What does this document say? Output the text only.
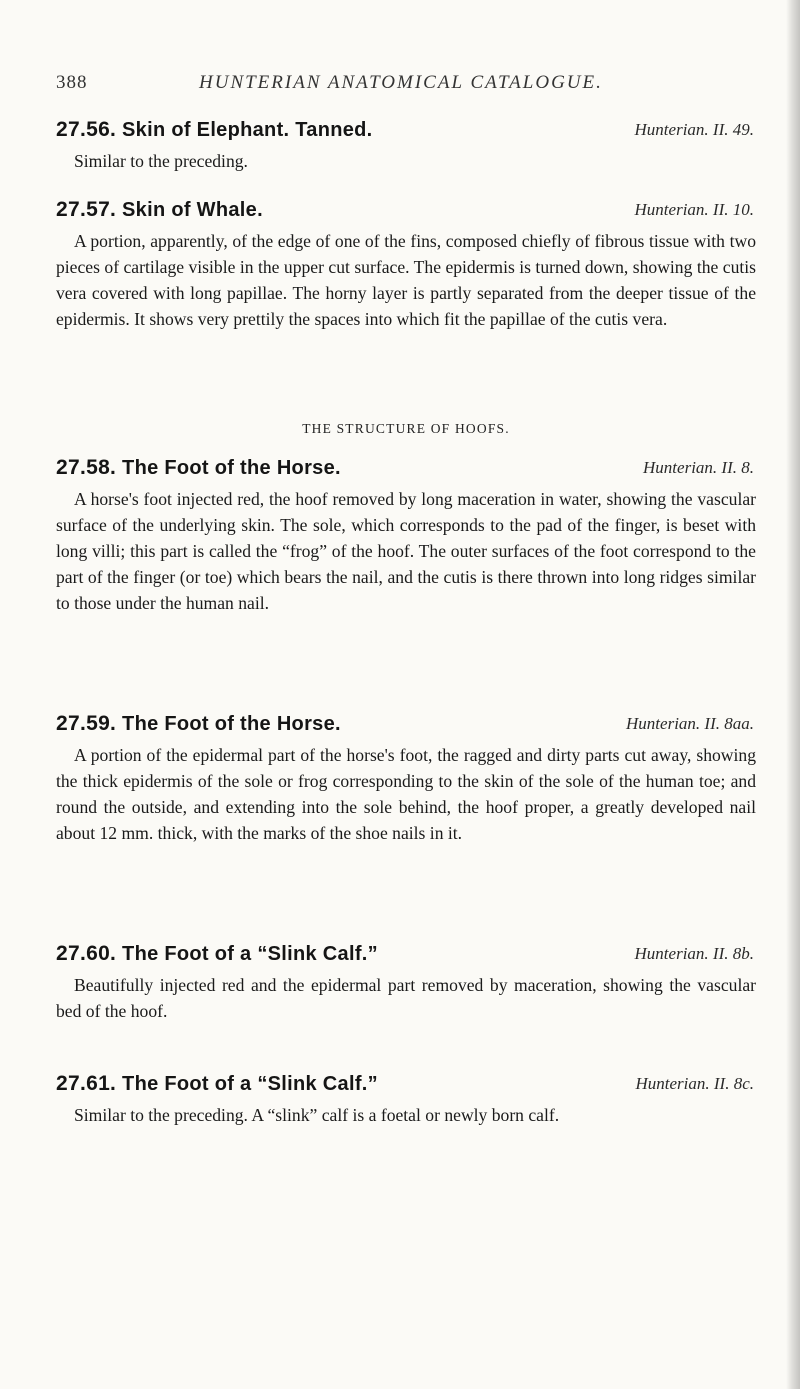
388	HUNTERIAN ANATOMICAL CATALOGUE.
27.56. Skin of Elephant. Tanned.	Hunterian. II. 49.

Similar to the preceding.

27.57. Skin of Whale.	Hunterian. II. 10.

A portion, apparently, of the edge of one of the fins, composed chiefly of fibrous tissue with two pieces of cartilage visible in the upper cut surface. The epidermis is turned down, showing the cutis vera covered with long papillae. The horny layer is partly separated from the deeper tissue of the epidermis. It shows very prettily the spaces into which fit the papillae of the cutis vera.

THE STRUCTURE OF HOOFS.
27.58. The Foot of the Horse.	Hunterian. II. 8.

A horse's foot injected red, the hoof removed by long maceration in water, showing the vascular surface of the underlying skin. The sole, which corresponds to the pad of the finger, is beset with long villi; this part is called the “frog” of the hoof. The outer surfaces of the foot correspond to the part of the finger (or toe) which bears the nail, and the cutis is there thrown into long ridges similar to those under the human nail.

27.59. The Foot of the Horse.	Hunterian. II. 8aa.

A portion of the epidermal part of the horse's foot, the ragged and dirty parts cut away, showing the thick epidermis of the sole or frog corresponding to the skin of the sole of the human toe; and round the outside, and extending into the sole behind, the hoof proper, a greatly developed nail about 12 mm. thick, with the marks of the shoe nails in it.

27.60. The Foot of a “Slink Calf.”	Hunterian. II. 8b.

Beautifully injected red and the epidermal part removed by maceration, showing the vascular bed of the hoof.

27.61. The Foot of a “Slink Calf.”	Hunterian. II. 8c.

Similar to the preceding. A “slink” calf is a foetal or newly born calf.
